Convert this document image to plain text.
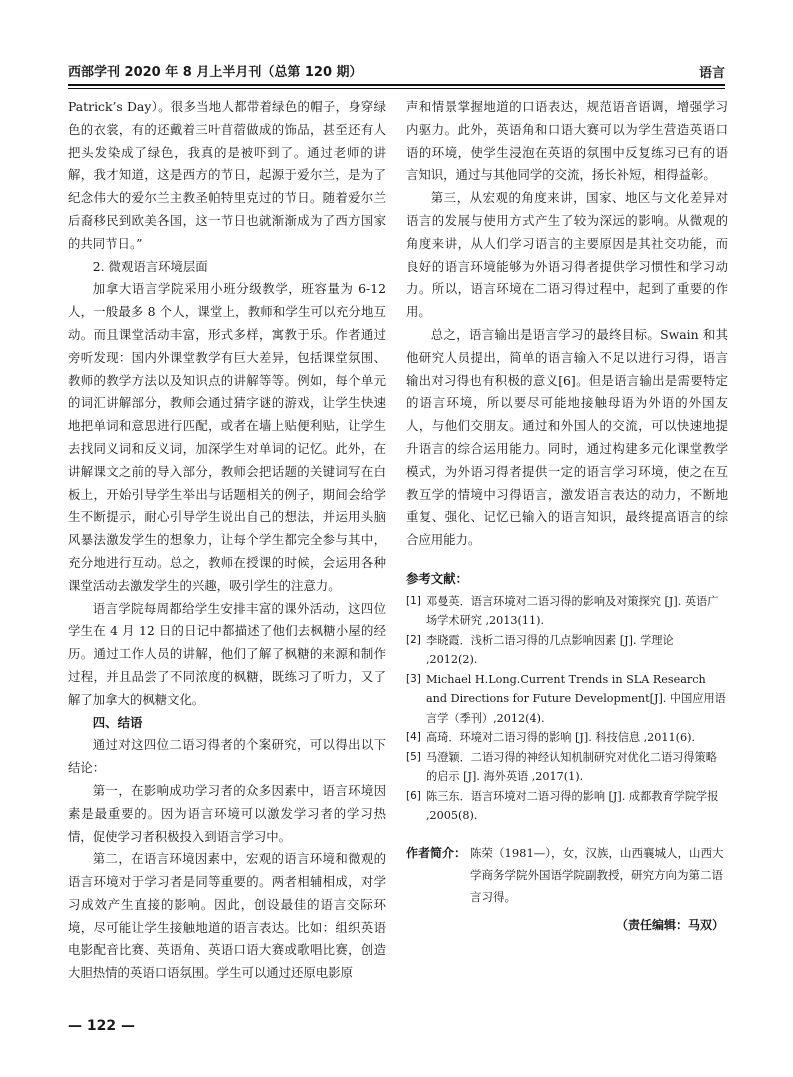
西部学刊 2020 年 8 月上半月刊（总第 120 期）	语言

Patrick’s Day）。很多当地人都带着绿色的帽子，身穿绿色的衣裳，有的还戴着三叶苜蓿做成的饰品，甚至还有人把头发染成了绿色，我真的是被吓到了。通过老师的讲解，我才知道，这是西方的节日，起源于爱尔兰，是为了纪念伟大的爱尔兰主教圣帕特里克过的节日。随着爱尔兰后裔移民到欧美各国，这一节日也就渐渐成为了西方国家的共同节日。”

2. 微观语言环境层面

加拿大语言学院采用小班分级教学，班容量为 6-12 人，一般最多 8 个人，课堂上，教师和学生可以充分地互动。而且课堂活动丰富，形式多样，寓教于乐。作者通过旁听发现：国内外课堂教学有巨大差异，包括课堂氛围、教师的教学方法以及知识点的讲解等等。例如，每个单元的词汇讲解部分，教师会通过猜字谜的游戏，让学生快速地把单词和意思进行匹配，或者在墙上贴便利贴，让学生去找同义词和反义词，加深学生对单词的记忆。此外，在讲解课文之前的导入部分，教师会把话题的关键词写在白板上，开始引导学生举出与话题相关的例子，期间会给学生不断提示，耐心引导学生说出自己的想法，并运用头脑风暴法激发学生的想象力，让每个学生都完全参与其中，充分地进行互动。总之，教师在授课的时候，会运用各种课堂活动去激发学生的兴趣，吸引学生的注意力。

语言学院每周都给学生安排丰富的课外活动，这四位学生在 4 月 12 日的日记中都描述了他们去枫糖小屋的经历。通过工作人员的讲解，他们了解了枫糖的来源和制作过程，并且品尝了不同浓度的枫糖，既练习了听力，又了解了加拿大的枫糖文化。

四、结语

通过对这四位二语习得者的个案研究，可以得出以下结论：

第一，在影响成功学习者的众多因素中，语言环境因素是最重要的。因为语言环境可以激发学习者的学习热情，促使学习者积极投入到语言学习中。

第二，在语言环境因素中，宏观的语言环境和微观的语言环境对于学习者是同等重要的。两者相辅相成，对学习成效产生直接的影响。因此，创设最佳的语言交际环境，尽可能让学生接触地道的语言表达。比如：组织英语电影配音比赛、英语角、英语口语大赛或歌唱比赛，创造大胆热情的英语口语氛围。学生可以通过还原电影原

声和情景掌握地道的口语表达，规范语音语调，增强学习内驱力。此外，英语角和口语大赛可以为学生营造英语口语的环境，使学生浸泡在英语的氛围中反复练习已有的语言知识，通过与其他同学的交流，扬长补短，相得益彰。

第三，从宏观的角度来讲，国家、地区与文化差异对语言的发展与使用方式产生了较为深远的影响。从微观的角度来讲，从人们学习语言的主要原因是其社交功能，而良好的语言环境能够为外语习得者提供学习惯性和学习动力。所以，语言环境在二语习得过程中，起到了重要的作用。

总之，语言输出是语言学习的最终目标。Swain 和其他研究人员提出，简单的语言输入不足以进行习得，语言输出对习得也有积极的意义[6]。但是语言输出是需要特定的语言环境，所以要尽可能地接触母语为外语的外国友人，与他们交朋友。通过和外国人的交流，可以快速地提升语言的综合运用能力。同时，通过构建多元化课堂教学模式，为外语习得者提供一定的语言学习环境，使之在互教互学的情境中习得语言，激发语言表达的动力，不断地重复、强化、记忆已输入的语言知识，最终提高语言的综合应用能力。

参考文献：
[1] 邓曼英．语言环境对二语习得的影响及对策探究 [J]. 英语广场学术研究 ,2013(11).
[2] 李晓霞．浅析二语习得的几点影响因素 [J]. 学理论 ,2012(2).
[3] Michael H.Long.Current Trends in SLA Research and Directions for Future Development[J]. 中国应用语言学（季刊）,2012(4).
[4] 高琦．环境对二语习得的影响 [J]. 科技信息 ,2011(6).
[5] 马澄颖．二语习得的神经认知机制研究对优化二语习得策略的启示 [J]. 海外英语 ,2017(1).
[6] 陈三东．语言环境对二语习得的影响 [J]. 成都教育学院学报 ,2005(8).
作者简介： 陈荣（1981—），女，汉族，山西襄城人，山西大学商务学院外国语学院副教授，研究方向为第二语言习得。
（责任编辑：马双）
— 122 —
